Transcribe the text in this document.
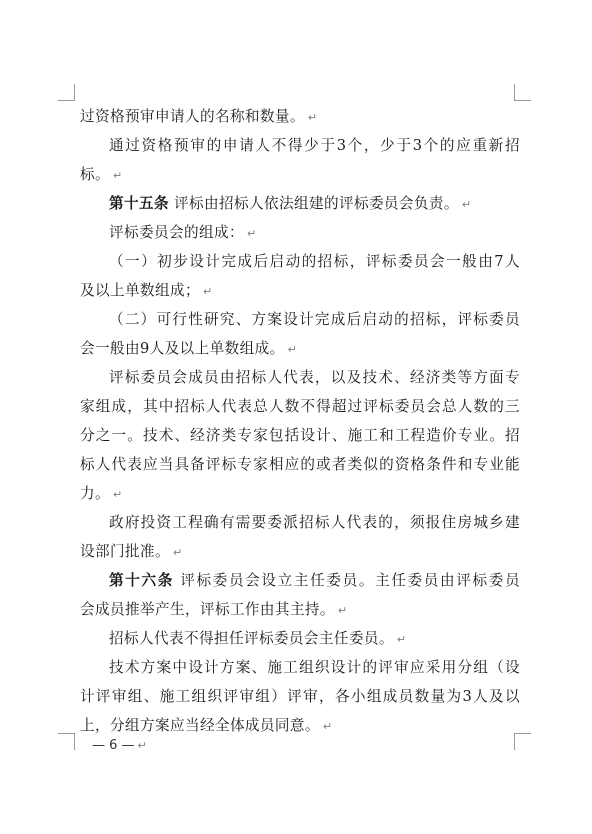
过资格预审申请人的名称和数量。 ↵
通过资格预审的申请人不得少于3个，少于3个的应重新招
标。 ↵
第十五条 评标由招标人依法组建的评标委员会负责。 ↵
评标委员会的组成： ↵
（一）初步设计完成后启动的招标，评标委员会一般由7人
及以上单数组成； ↵
（二）可行性研究、方案设计完成后启动的招标，评标委员
会一般由9人及以上单数组成。 ↵
评标委员会成员由招标人代表，以及技术、经济类等方面专
家组成，其中招标人代表总人数不得超过评标委员会总人数的三
分之一。技术、经济类专家包括设计、施工和工程造价专业。招
标人代表应当具备评标专家相应的或者类似的资格条件和专业能
力。 ↵
政府投资工程确有需要委派招标人代表的，须报住房城乡建
设部门批准。 ↵
第十六条 评标委员会设立主任委员。主任委员由评标委员
会成员推举产生，评标工作由其主持。 ↵
招标人代表不得担任评标委员会主任委员。 ↵
技术方案中设计方案、施工组织设计的评审应采用分组（设
计评审组、施工组织评审组）评审，各小组成员数量为3人及以
上，分组方案应当经全体成员同意。 ↵
— 6 — ↵
